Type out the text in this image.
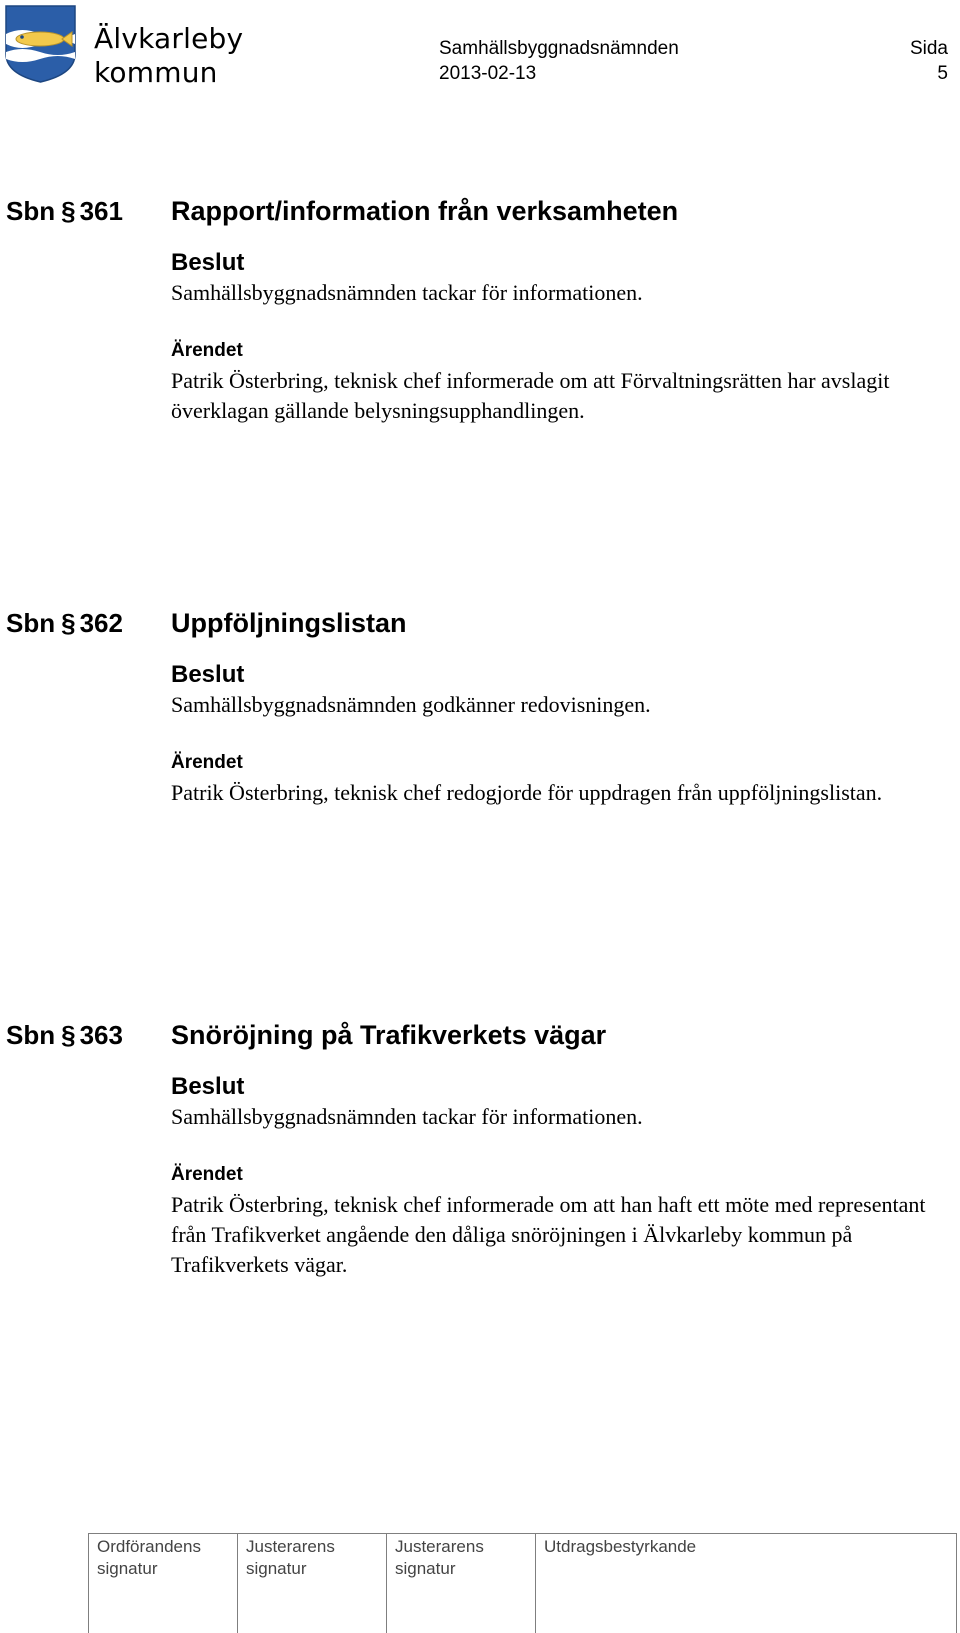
Älvkarleby
kommun
Samhällsbyggnadsnämnden
2013-02-13
Sida
5
Sbn § 361 Rapport/information från verksamheten
Beslut
Samhällsbyggnadsnämnden tackar för informationen.
Ärendet
Patrik Österbring, teknisk chef informerade om att Förvaltningsrätten har avslagit överklagan gällande belysningsupphandlingen.
Sbn § 362 Uppföljningslistan
Beslut
Samhällsbyggnadsnämnden godkänner redovisningen.
Ärendet
Patrik Österbring, teknisk chef redogjorde för uppdragen från uppföljningslistan.
Sbn § 363 Snöröjning på Trafikverkets vägar
Beslut
Samhällsbyggnadsnämnden tackar för informationen.
Ärendet
Patrik Österbring, teknisk chef informerade om att han haft ett möte med representant från Trafikverket angående den dåliga snöröjningen i Älvkarleby kommun på Trafikverkets vägar.
Ordförandens
signatur
Justerarens
signatur
Justerarens
signatur
Utdragsbestyrkande
